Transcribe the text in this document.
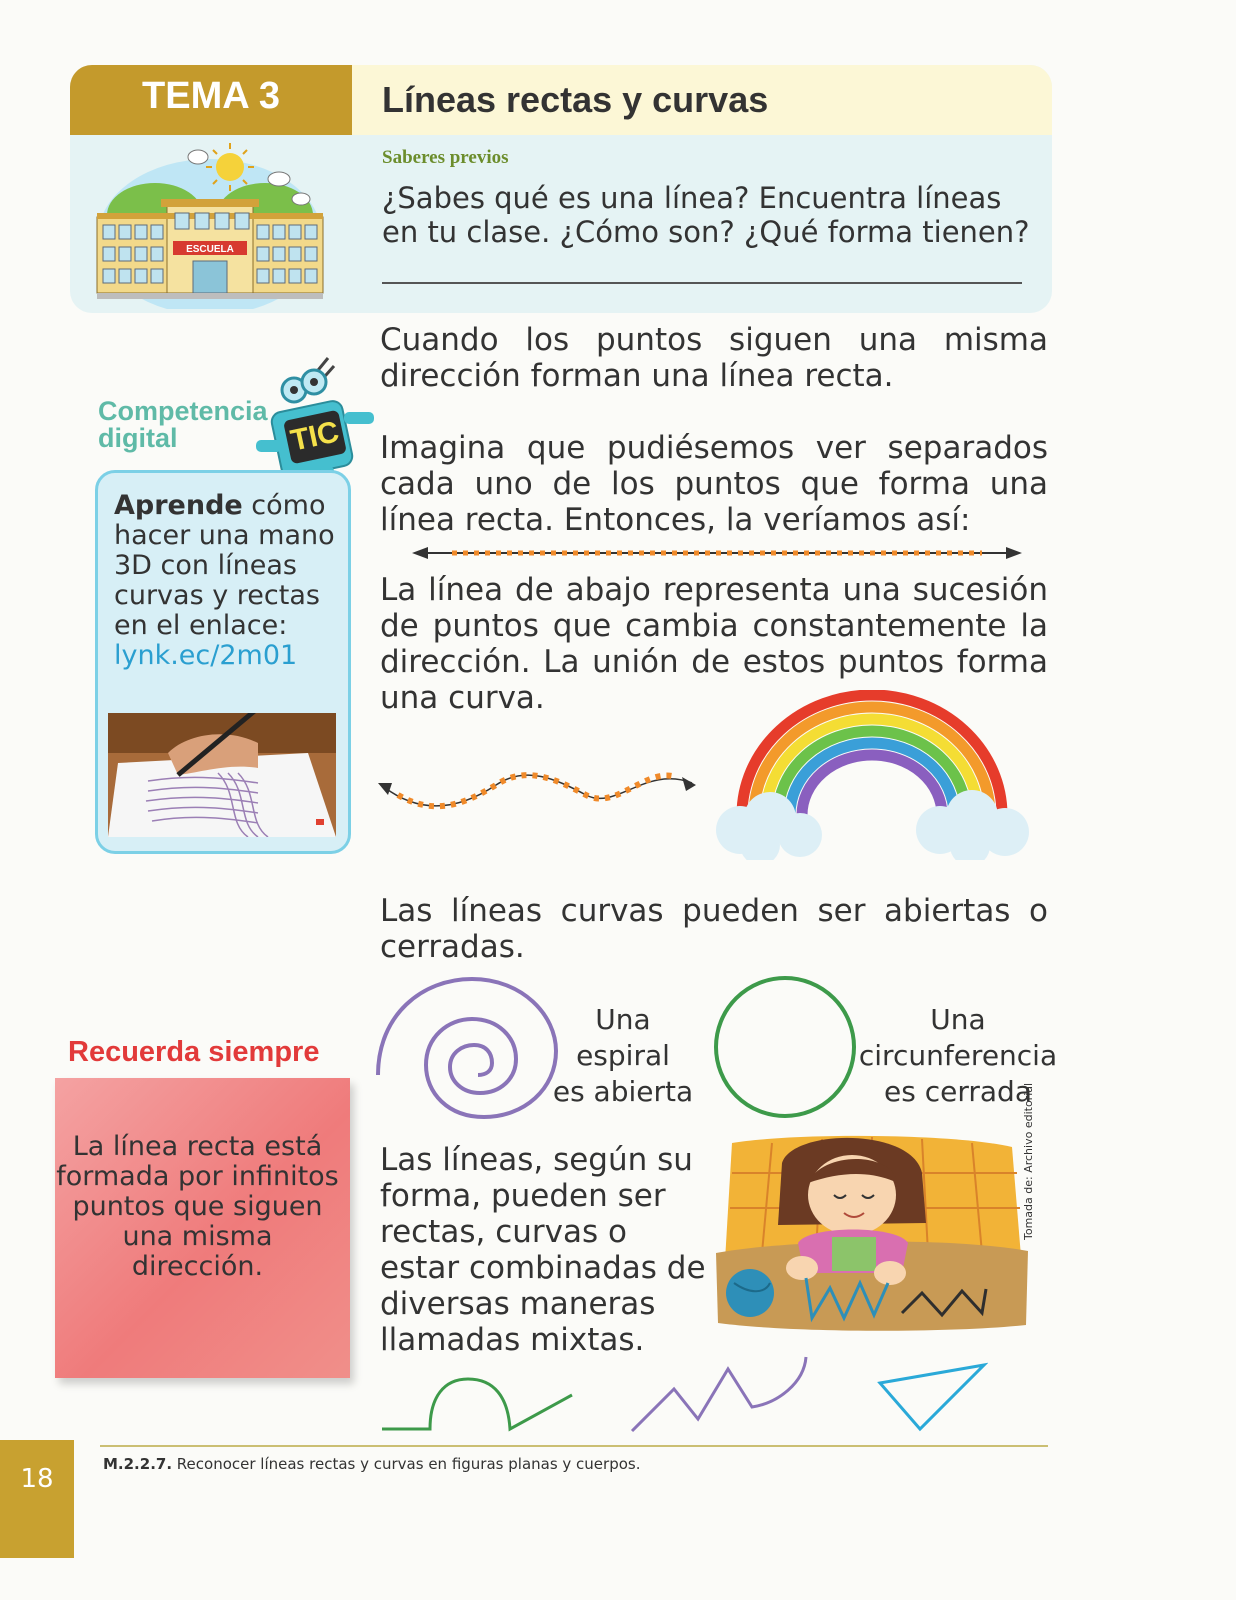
TEMA 3	Líneas rectas y curvas
Saberes previos
¿Sabes qué es una línea? Encuentra líneas en tu clase. ¿Cómo son? ¿Qué forma tienen?
ESCUELA
TIC
Competencia digital
Aprende cómo hacer una mano 3D con líneas curvas y rectas en el enlace:
lynk.ec/2m01
Cuando los puntos siguen una misma dirección forman una línea recta.
Imagina que pudiésemos ver separados cada uno de los puntos que forma una línea recta. Entonces, la veríamos así:
La línea de abajo representa una sucesión de puntos que cambia constantemente la dirección. La unión de estos puntos forma una curva.
Las líneas curvas pueden ser abiertas o cerradas.
Una
espiral
es abierta
Una
circunferencia
es cerrada
Recuerda siempre
La línea recta está formada por infinitos puntos que siguen una misma dirección.
Las líneas, según su forma, pueden ser rectas, curvas o estar combinadas de diversas maneras llamadas mixtas.
Tomada de: Archivo editorial
M.2.2.7. Reconocer líneas rectas y curvas en figuras planas y cuerpos.
18
